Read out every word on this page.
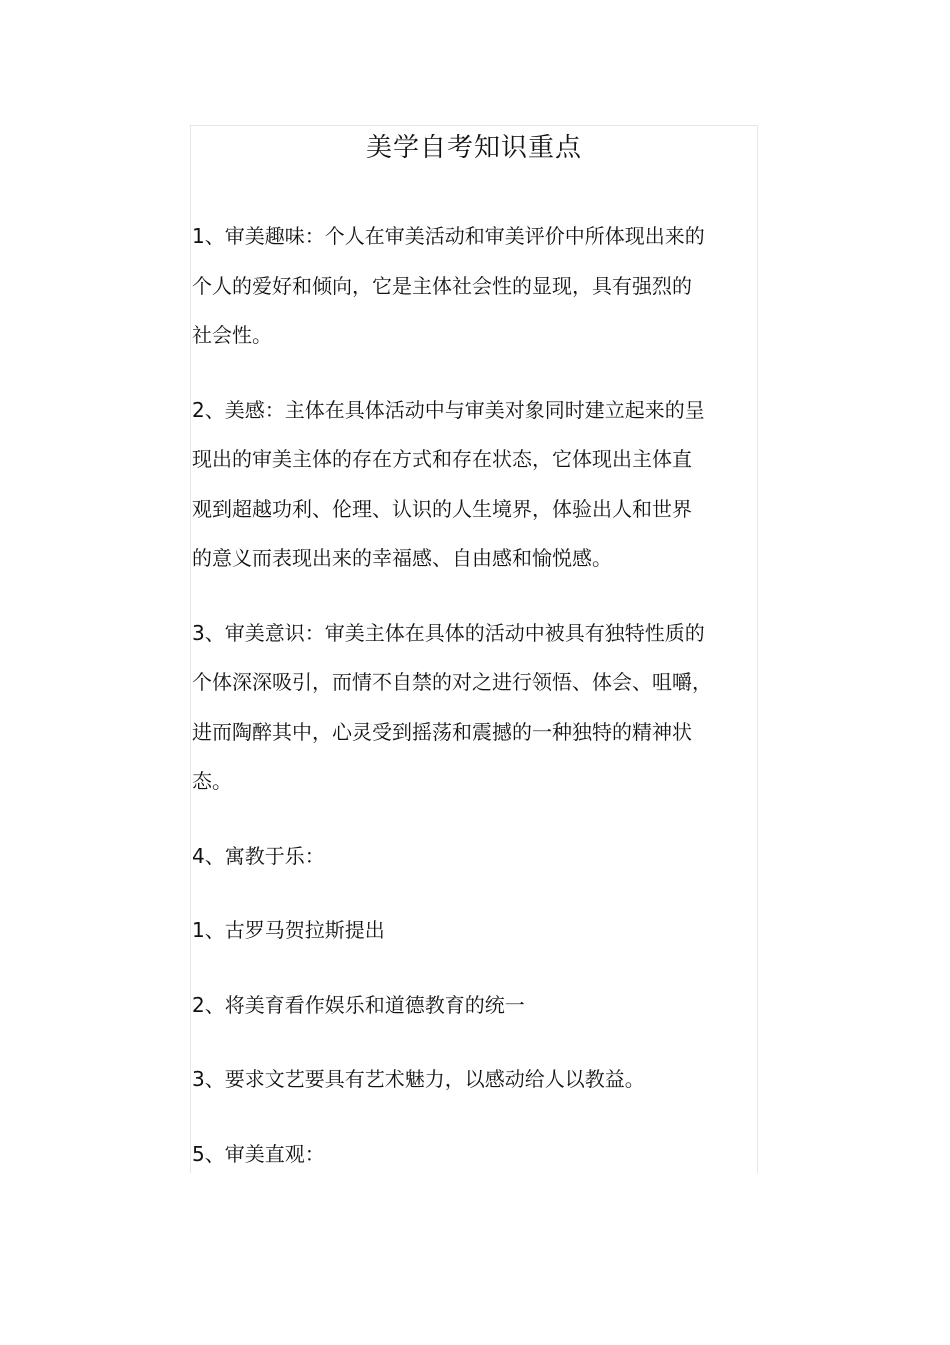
美学自考知识重点
1、审美趣味：个人在审美活动和审美评价中所体现出来的
个人的爱好和倾向，它是主体社会性的显现，具有强烈的
社会性。
2、美感：主体在具体活动中与审美对象同时建立起来的呈
现出的审美主体的存在方式和存在状态，它体现出主体直
观到超越功利、伦理、认识的人生境界，体验出人和世界
的意义而表现出来的幸福感、自由感和愉悦感。
3、审美意识：审美主体在具体的活动中被具有独特性质的
个体深深吸引，而情不自禁的对之进行领悟、体会、咀嚼，
进而陶醉其中，心灵受到摇荡和震撼的一种独特的精神状
态。
4、寓教于乐：
1、古罗马贺拉斯提出
2、将美育看作娱乐和道德教育的统一
3、要求文艺要具有艺术魅力，以感动给人以教益。
5、审美直观：
